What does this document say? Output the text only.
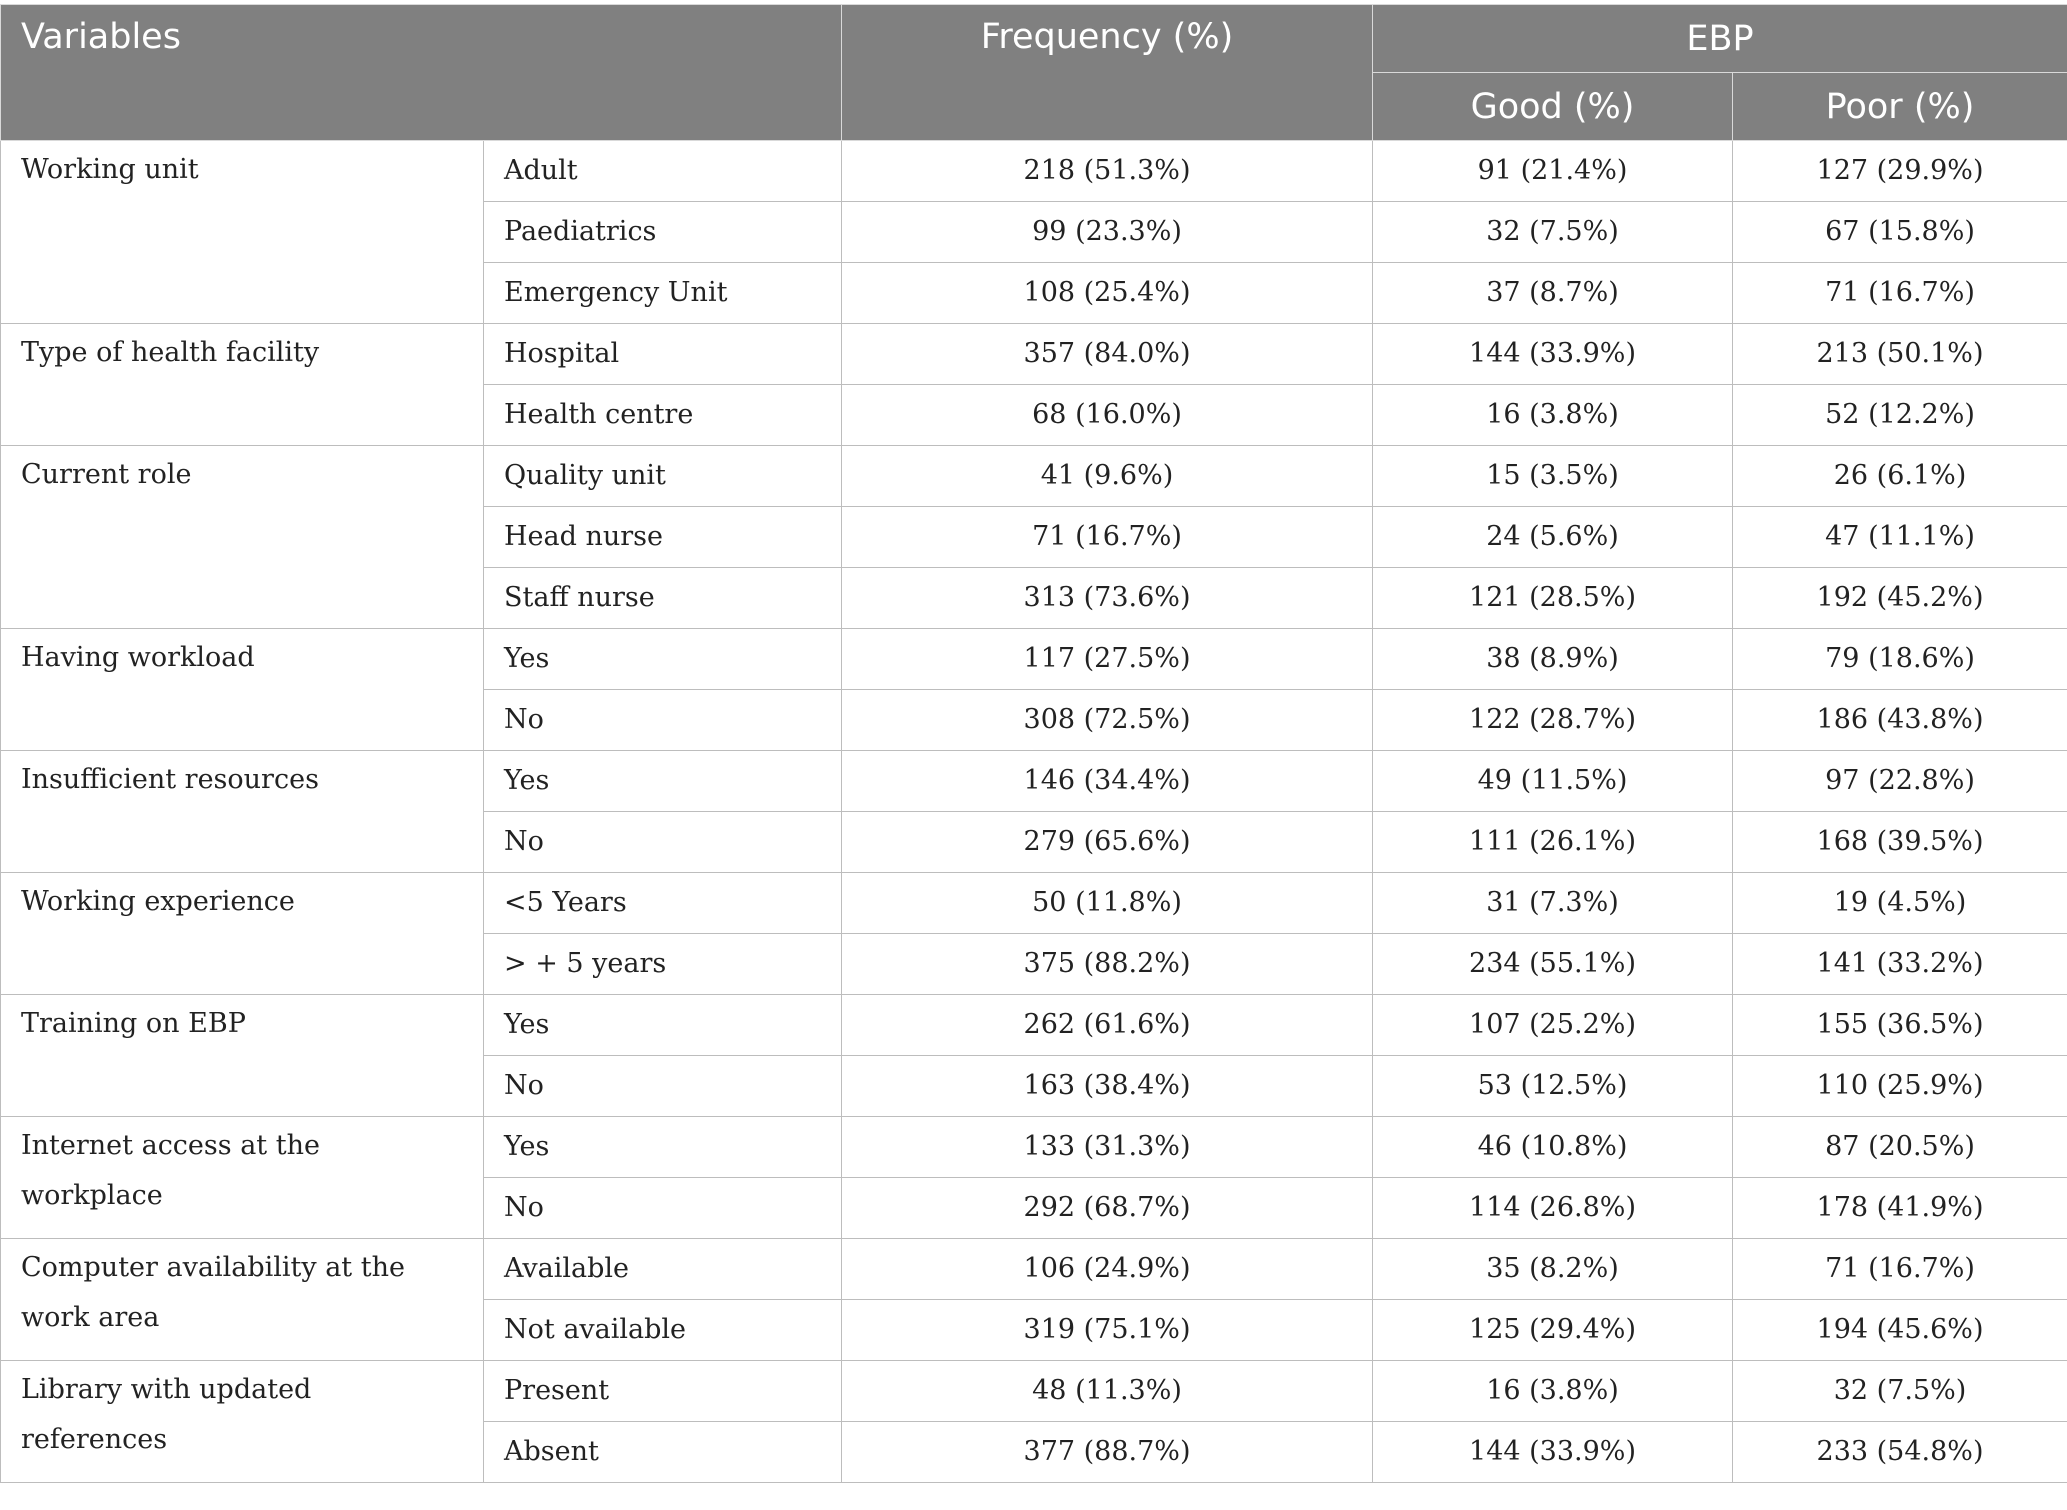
Variables		Frequency (%)	EBP	
			Good (%)	Poor (%)
Working unit	Adult	218 (51.3%)	91 (21.4%)	127 (29.9%)
	Paediatrics	99 (23.3%)	32 (7.5%)	67 (15.8%)
	Emergency Unit	108 (25.4%)	37 (8.7%)	71 (16.7%)
Type of health facility	Hospital	357 (84.0%)	144 (33.9%)	213 (50.1%)
	Health centre	68 (16.0%)	16 (3.8%)	52 (12.2%)
Current role	Quality unit	41 (9.6%)	15 (3.5%)	26 (6.1%)
	Head nurse	71 (16.7%)	24 (5.6%)	47 (11.1%)
	Staff nurse	313 (73.6%)	121 (28.5%)	192 (45.2%)
Having workload	Yes	117 (27.5%)	38 (8.9%)	79 (18.6%)
	No	308 (72.5%)	122 (28.7%)	186 (43.8%)
Insufficient resources	Yes	146 (34.4%)	49 (11.5%)	97 (22.8%)
	No	279 (65.6%)	111 (26.1%)	168 (39.5%)
Working experience	<5 Years	50 (11.8%)	31 (7.3%)	19 (4.5%)
	> + 5 years	375 (88.2%)	234 (55.1%)	141 (33.2%)
Training on EBP	Yes	262 (61.6%)	107 (25.2%)	155 (36.5%)
	No	163 (38.4%)	53 (12.5%)	110 (25.9%)
Internet access at the workplace	Yes	133 (31.3%)	46 (10.8%)	87 (20.5%)
	No	292 (68.7%)	114 (26.8%)	178 (41.9%)
Computer availability at the work area	Available	106 (24.9%)	35 (8.2%)	71 (16.7%)
	Not available	319 (75.1%)	125 (29.4%)	194 (45.6%)
Library with updated references	Present	48 (11.3%)	16 (3.8%)	32 (7.5%)
	Absent	377 (88.7%)	144 (33.9%)	233 (54.8%)
